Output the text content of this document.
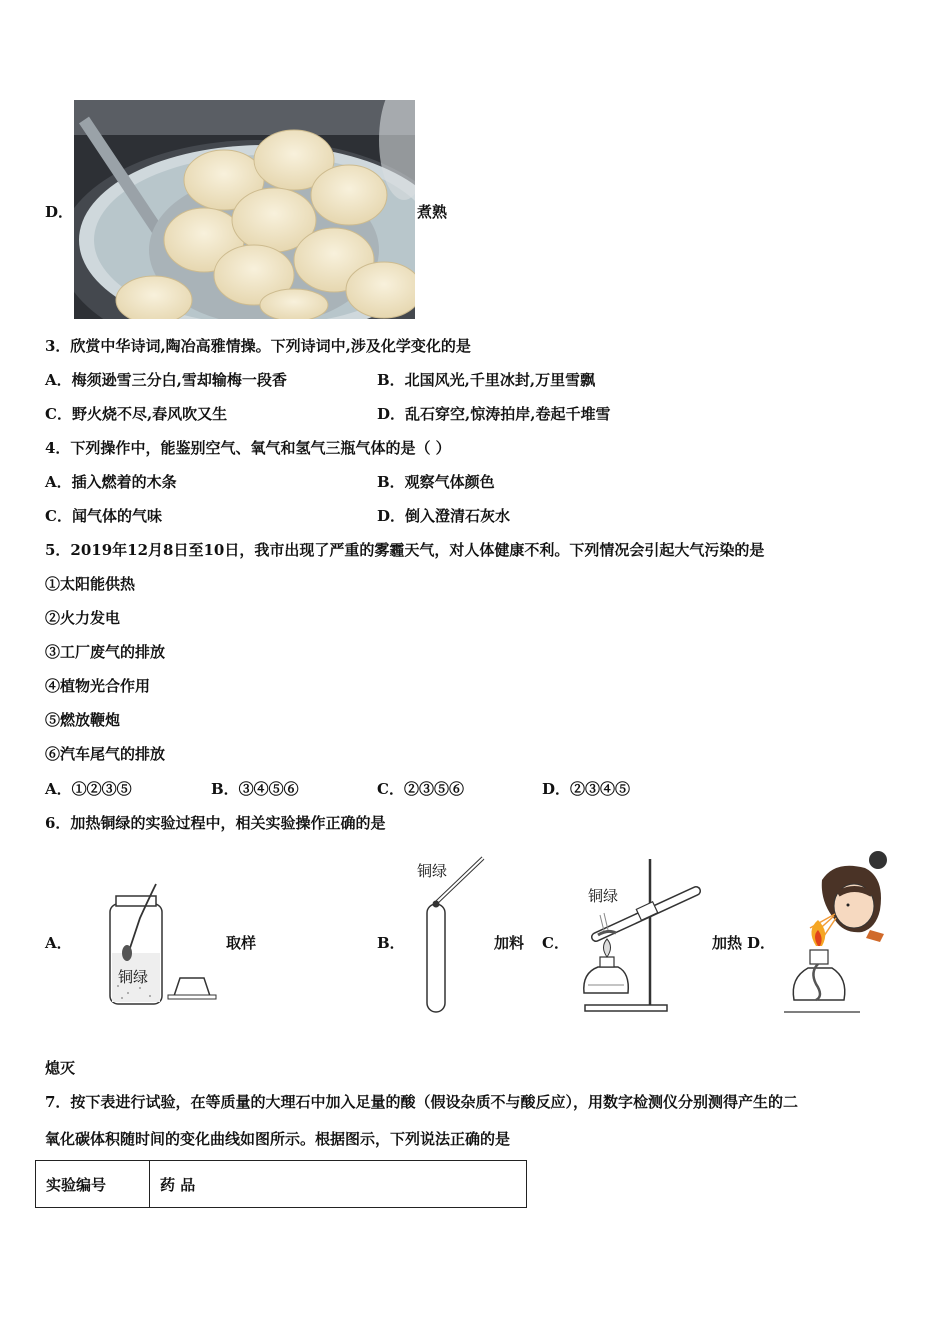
D．	煮熟
3．欣赏中华诗词,陶冶高雅情操。下列诗词中,涉及化学变化的是
A．梅须逊雪三分白,雪却输梅一段香	B．北国风光,千里冰封,万里雪飘
C．野火烧不尽,春风吹又生	D．乱石穿空,惊涛拍岸,卷起千堆雪
4．下列操作中，能鉴别空气、氧气和氢气三瓶气体的是（ ）
A．插入燃着的木条	B．观察气体颜色
C．闻气体的气味	D．倒入澄清石灰水
5．2019年12月8日至10日，我市出现了严重的雾霾天气，对人体健康不利。下列情况会引起大气污染的是
①太阳能供热
②火力发电
③工厂废气的排放
④植物光合作用
⑤燃放鞭炮
⑥汽车尾气的排放
A．①②③⑤	B．③④⑤⑥	C．②③⑤⑥	D．②③④⑤
6．加热铜绿的实验过程中，相关实验操作正确的是
A．
铜绿
取样	B．
铜绿
加料 C．
铜绿
加热 D．
熄灭
7．按下表进行试验，在等质量的大理石中加入足量的酸（假设杂质不与酸反应），用数字检测仪分别测得产生的二
氧化碳体积随时间的变化曲线如图所示。根据图示，下列说法正确的是
实验编号	药 品
